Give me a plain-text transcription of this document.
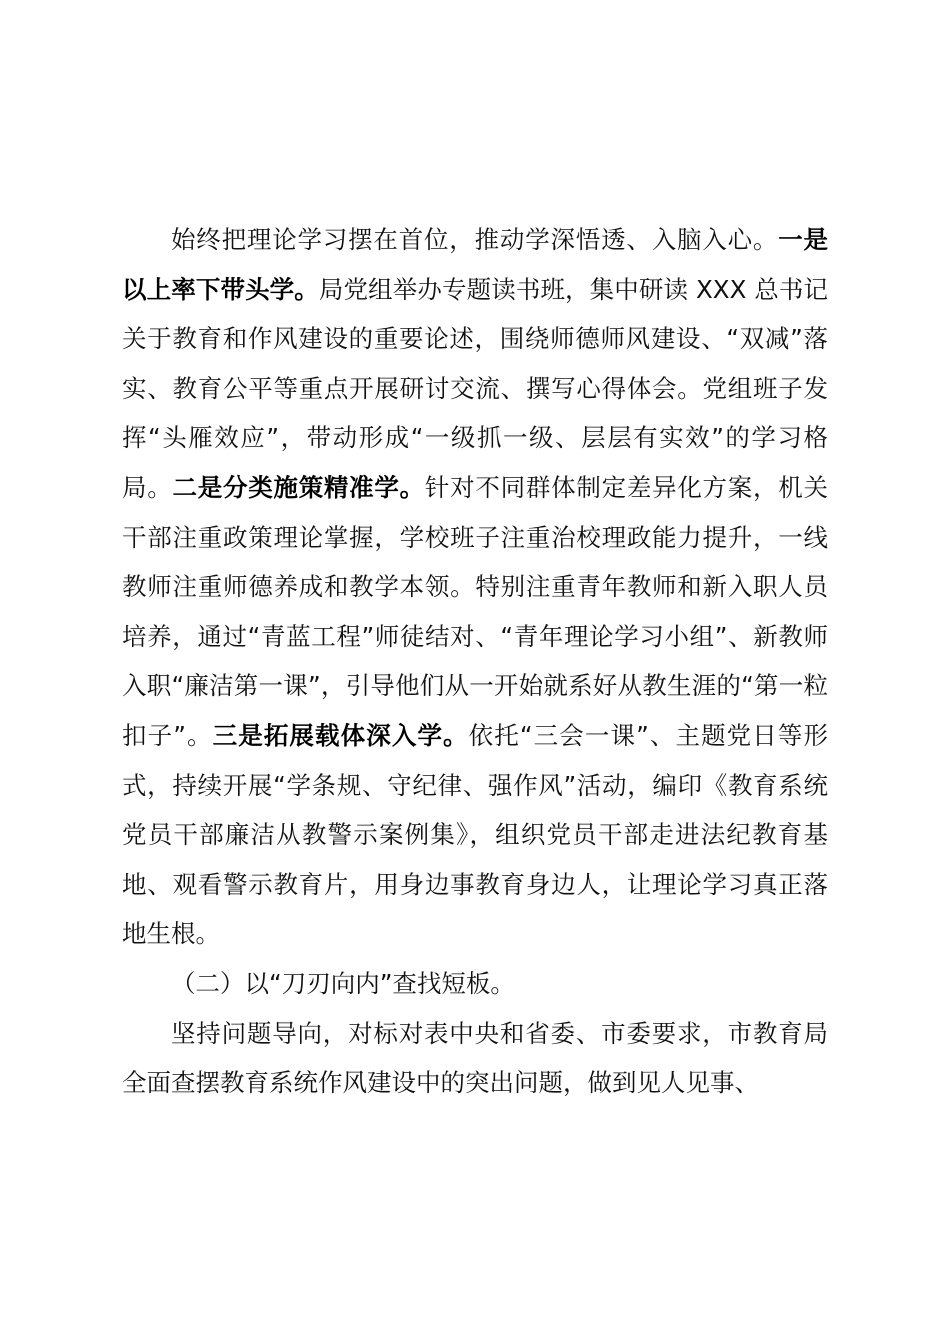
始终把理论学习摆在首位，推动学深悟透、入脑入心。一是以上率下带头学。局党组举办专题读书班，集中研读 XXX 总书记关于教育和作风建设的重要论述，围绕师德师风建设、“双减”落实、教育公平等重点开展研讨交流、撰写心得体会。党组班子发挥“头雁效应”，带动形成“一级抓一级、层层有实效”的学习格局。二是分类施策精准学。针对不同群体制定差异化方案，机关干部注重政策理论掌握，学校班子注重治校理政能力提升，一线教师注重师德养成和教学本领。特别注重青年教师和新入职人员培养，通过“青蓝工程”师徒结对、“青年理论学习小组”、新教师入职“廉洁第一课”，引导他们从一开始就系好从教生涯的“第一粒扣子”。三是拓展载体深入学。依托“三会一课”、主题党日等形式，持续开展“学条规、守纪律、强作风”活动，编印《教育系统党员干部廉洁从教警示案例集》，组织党员干部走进法纪教育基地、观看警示教育片，用身边事教育身边人，让理论学习真正落地生根。

（二）以“刀刃向内”查找短板。

坚持问题导向，对标对表中央和省委、市委要求，市教育局全面查摆教育系统作风建设中的突出问题，做到见人见事、
